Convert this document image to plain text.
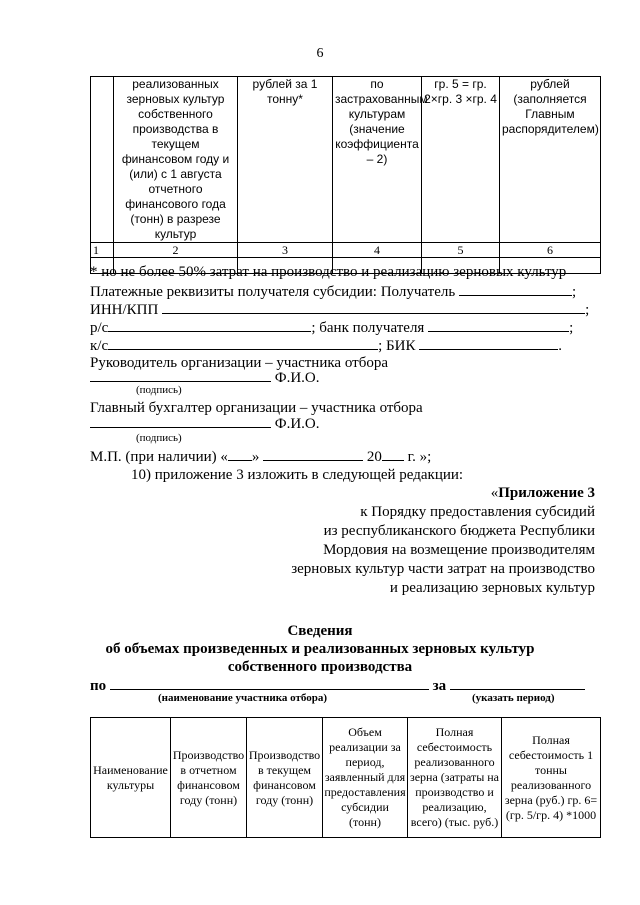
6
	реализованных зерновых культур собственного производства в текущем финансовом году и (или) с 1 августа отчетного финансового года (тонн) в разрезе культур	рублей за 1 тонну*	по застрахованным культурам (значение коэффициента – 2)	гр. 5 = гр. 2×гр. 3 ×гр. 4	рублей (заполняется Главным распорядителем)
1	2	3	4	5	6

* но не более 50% затрат на производство и реализацию зерновых культур
Платежные реквизиты получателя субсидии: Получатель	;
ИНН/КПП	;
р/с	; банк получателя	;
к/с	; БИК	.
Руководитель организации – участника отбора
Ф.И.О.
(подпись)
Главный бухгалтер организации – участника отбора
Ф.И.О.
(подпись)
М.П. (при наличии) « »	20 г. »;
10) приложение 3 изложить в следующей редакции:
«Приложение 3
к Порядку предоставления субсидий
из республиканского бюджета Республики
Мордовия на возмещение производителям
зерновых культур части затрат на производство
и реализацию зерновых культур
Сведения
об объемах произведенных и реализованных зерновых культур
собственного производства
по	за
(наименование участника отбора)	(указать период)
Наименование культуры	Производство в отчетном финансовом году (тонн)	Производство в текущем финансовом году (тонн)	Объем реализации за период, заявленный для предоставления субсидии (тонн)	Полная себестоимость реализованного зерна (затраты на производство и реализацию, всего) (тыс. руб.)	Полная себестоимость 1 тонны реализованного зерна (руб.) гр. 6=(гр. 5/гр. 4) *1000
